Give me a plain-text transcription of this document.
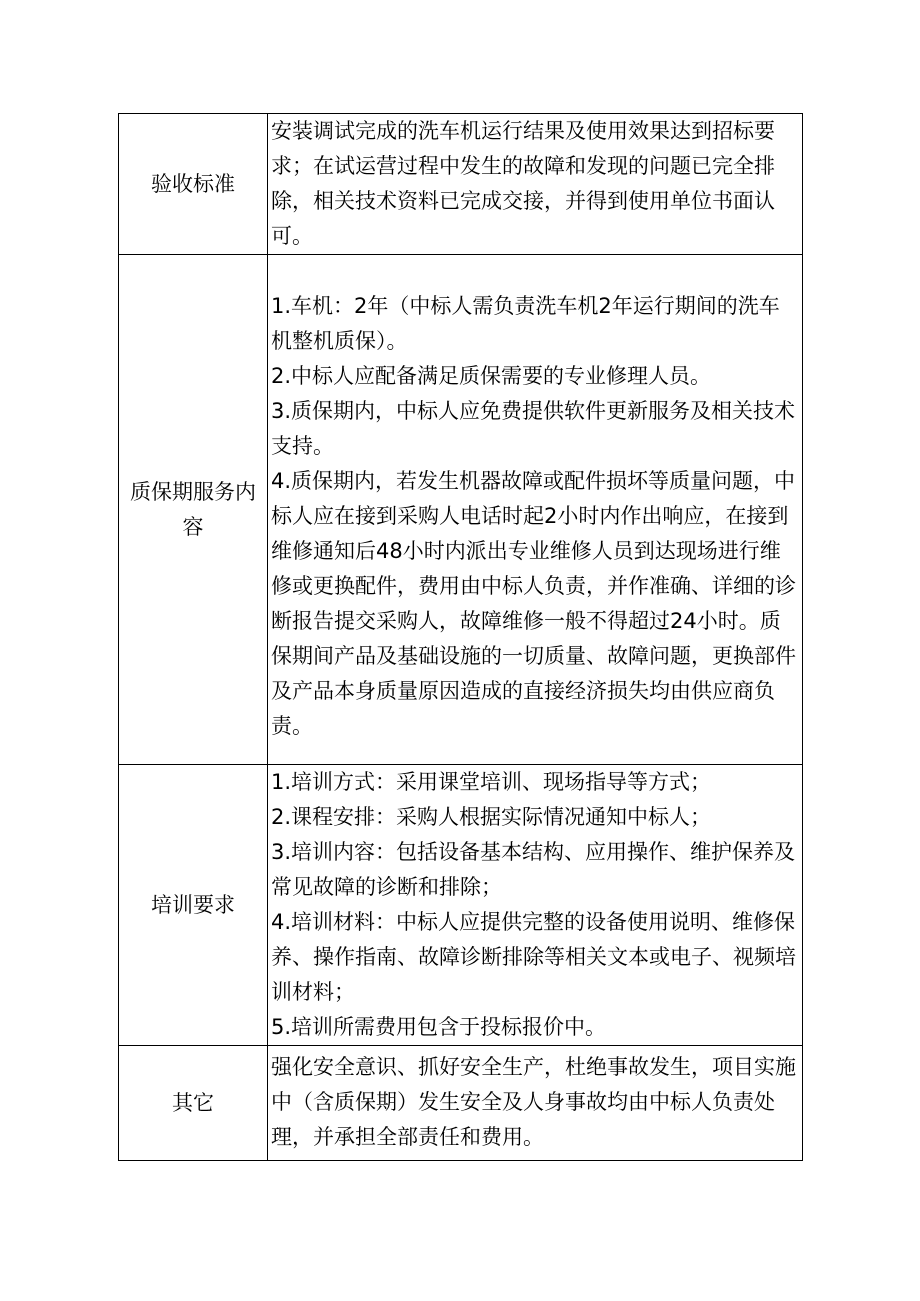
验收标准	安装调试完成的洗车机运行结果及使用效果达到招标要求；在试运营过程中发生的故障和发现的问题已完全排除，相关技术资料已完成交接，并得到使用单位书面认可。

质保期服务内容	1.车机：2年（中标人需负责洗车机2年运行期间的洗车机整机质保）。
2.中标人应配备满足质保需要的专业修理人员。
3.质保期内，中标人应免费提供软件更新服务及相关技术支持。
4.质保期内，若发生机器故障或配件损坏等质量问题，中标人应在接到采购人电话时起2小时内作出响应，在接到维修通知后48小时内派出专业维修人员到达现场进行维修或更换配件，费用由中标人负责，并作准确、详细的诊断报告提交采购人，故障维修一般不得超过24小时。质保期间产品及基础设施的一切质量、故障问题，更换部件及产品本身质量原因造成的直接经济损失均由供应商负责。

培训要求	1.培训方式：采用课堂培训、现场指导等方式；
2.课程安排：采购人根据实际情况通知中标人；
3.培训内容：包括设备基本结构、应用操作、维护保养及常见故障的诊断和排除；
4.培训材料：中标人应提供完整的设备使用说明、维修保养、操作指南、故障诊断排除等相关文本或电子、视频培训材料；
5.培训所需费用包含于投标报价中。

其它	强化安全意识、抓好安全生产，杜绝事故发生，项目实施中（含质保期）发生安全及人身事故均由中标人负责处理，并承担全部责任和费用。
